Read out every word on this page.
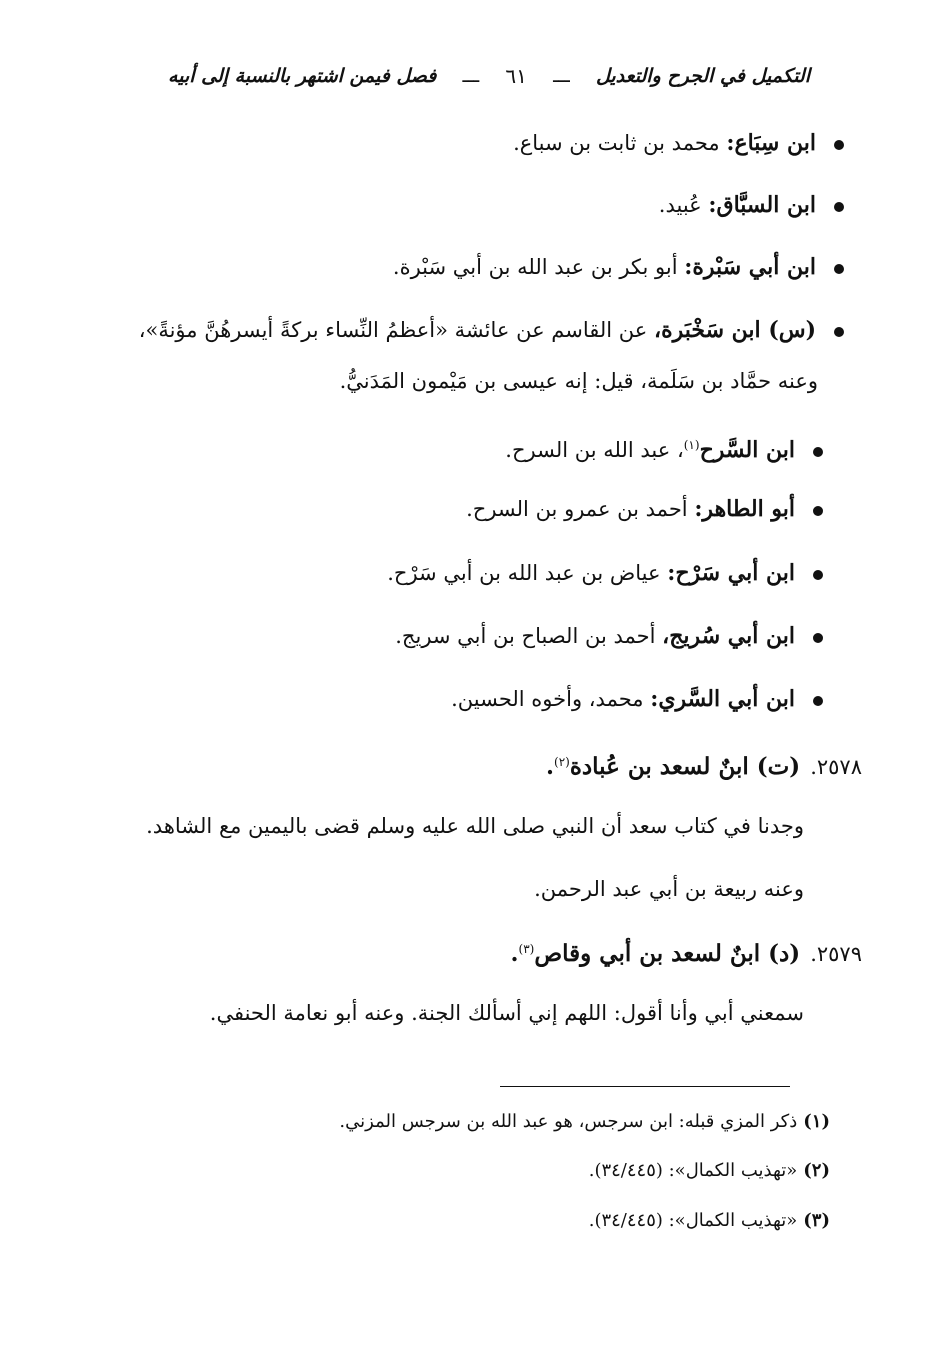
التكميل في الجرح والتعديل
ـــ
٦١
ـــ
فصل فيمن اشتهر بالنسبة إلى أبيه
ابن سِبَاع: محمد بن ثابت بن سباع.
ابن السبَّاق: عُبيد.
ابن أبي سَبْرة: أبو بكر بن عبد الله بن أبي سَبْرة.
(س) ابن سَخْبَرة، عن القاسم عن عائشة «أعظمُ النِّساء بركةً أيسرهُنَّ مؤنةً»،
وعنه حمَّاد بن سَلَمة، قيل: إنه عيسى بن مَيْمون المَدَنيُّ.
ابن السَّرح$^{(١)}$، عبد الله بن السرح.
أبو الطاهر: أحمد بن عمرو بن السرح.
ابن أبي سَرْح: عياض بن عبد الله بن أبي سَرْح.
ابن أبي سُريج، أحمد بن الصباح بن أبي سريج.
ابن أبي السَّري: محمد، وأخوه الحسين.
٢٥٧٨.(ت) ابنٌ لسعد بن عُبادة$^{(٢)}$.
وجدنا في كتاب سعد أن النبي صلى الله عليه وسلم قضى باليمين مع الشاهد.
وعنه ربيعة بن أبي عبد الرحمن.
٢٥٧٩.(د) ابنٌ لسعد بن أبي وقاص$^{(٣)}$.
سمعني أبي وأنا أقول: اللهم إني أسألك الجنة. وعنه أبو نعامة الحنفي.
(١)ذكر المزي قبله: ابن سرجس، هو عبد الله بن سرجس المزني.
(٢)«تهذيب الكمال»: (٣٤/٤٤٥).
(٣)«تهذيب الكمال»: (٣٤/٤٤٥).
